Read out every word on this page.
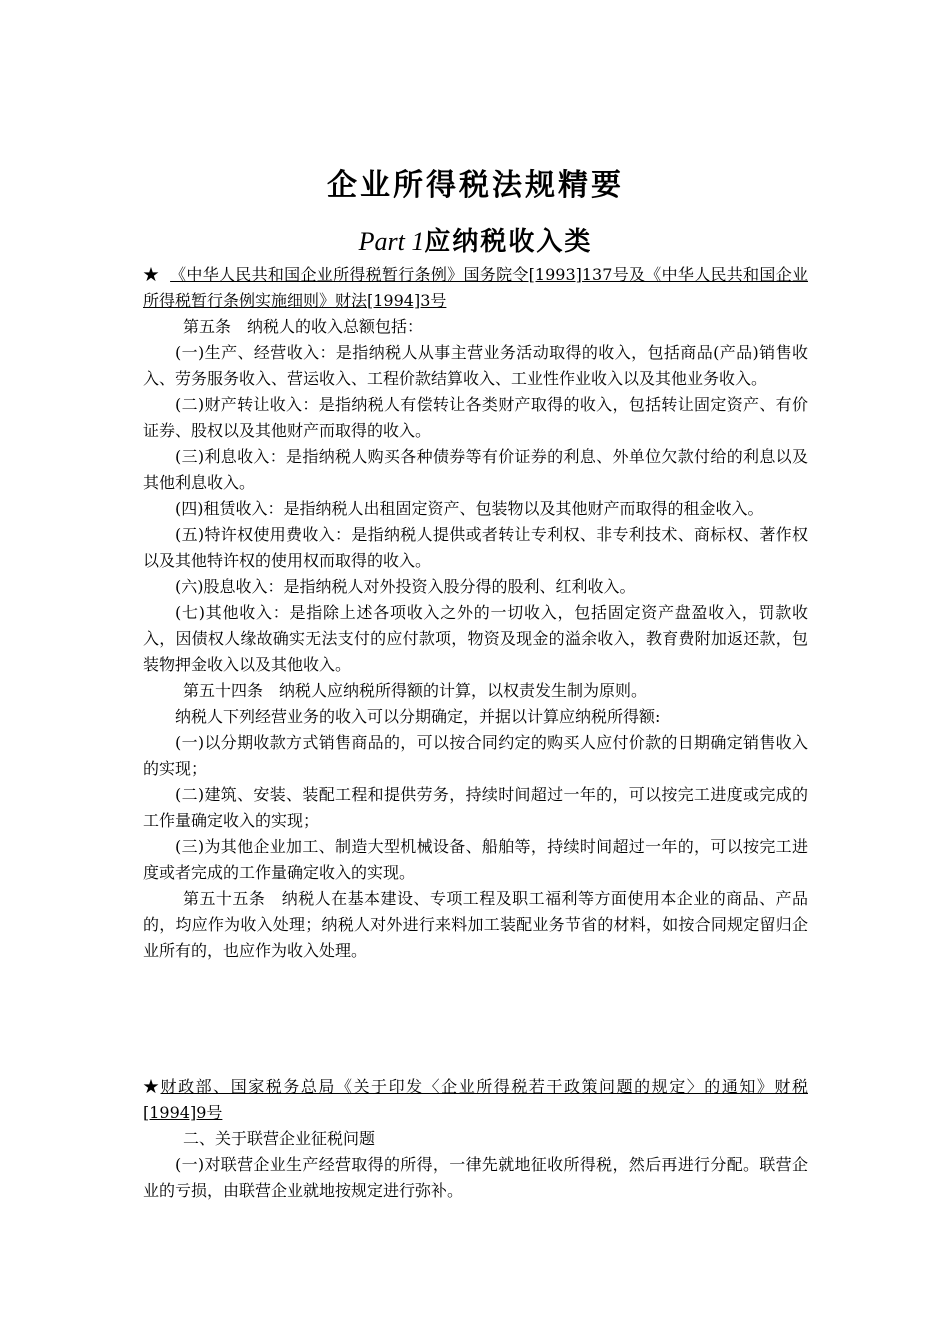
企业所得税法规精要
Part 1应纳税收入类

★ 《中华人民共和国企业所得税暂行条例》国务院令[1993]137号及《中华人民共和国企业所得税暂行条例实施细则》财法[1994]3号

第五条　纳税人的收入总额包括：

(一)生产、经营收入：是指纳税人从事主营业务活动取得的收入，包括商品(产品)销售收入、劳务服务收入、营运收入、工程价款结算收入、工业性作业收入以及其他业务收入。

(二)财产转让收入：是指纳税人有偿转让各类财产取得的收入，包括转让固定资产、有价证券、股权以及其他财产而取得的收入。

(三)利息收入：是指纳税人购买各种债券等有价证券的利息、外单位欠款付给的利息以及其他利息收入。

(四)租赁收入：是指纳税人出租固定资产、包装物以及其他财产而取得的租金收入。

(五)特许权使用费收入：是指纳税人提供或者转让专利权、非专利技术、商标权、著作权以及其他特许权的使用权而取得的收入。

(六)股息收入：是指纳税人对外投资入股分得的股利、红利收入。

(七)其他收入：是指除上述各项收入之外的一切收入，包括固定资产盘盈收入，罚款收入，因债权人缘故确实无法支付的应付款项，物资及现金的溢余收入，教育费附加返还款，包装物押金收入以及其他收入。

第五十四条　纳税人应纳税所得额的计算，以权责发生制为原则。

纳税人下列经营业务的收入可以分期确定，并据以计算应纳税所得额:

(一)以分期收款方式销售商品的，可以按合同约定的购买人应付价款的日期确定销售收入的实现；

(二)建筑、安装、装配工程和提供劳务，持续时间超过一年的，可以按完工进度或完成的工作量确定收入的实现；

(三)为其他企业加工、制造大型机械设备、船舶等，持续时间超过一年的，可以按完工进度或者完成的工作量确定收入的实现。

第五十五条　纳税人在基本建设、专项工程及职工福利等方面使用本企业的商品、产品的，均应作为收入处理；纳税人对外进行来料加工装配业务节省的材料，如按合同规定留归企业所有的，也应作为收入处理。

★财政部、国家税务总局《关于印发〈企业所得税若干政策问题的规定〉的通知》财税[1994]9号

二、关于联营企业征税问题

(一)对联营企业生产经营取得的所得，一律先就地征收所得税，然后再进行分配。联营企业的亏损，由联营企业就地按规定进行弥补。
